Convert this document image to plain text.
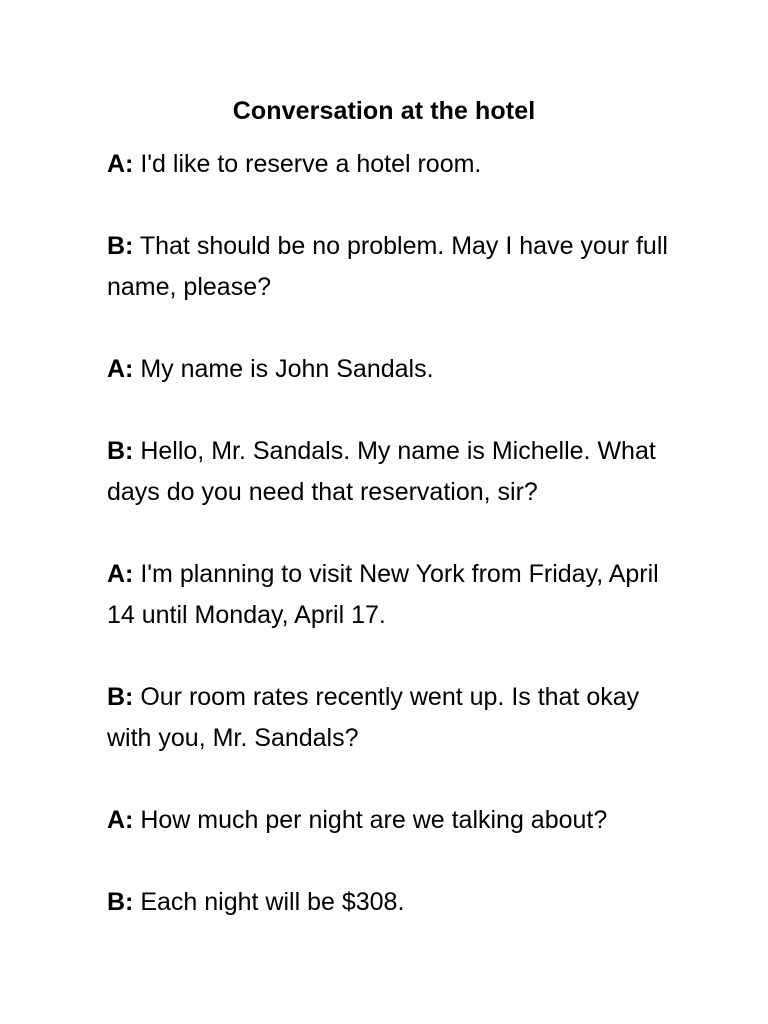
Conversation at the hotel

A: I'd like to reserve a hotel room.

B: That should be no problem. May I have your full name, please?

A: My name is John Sandals.

B: Hello, Mr. Sandals. My name is Michelle. What days do you need that reservation, sir?

A: I'm planning to visit New York from Friday, April 14 until Monday, April 17.

B: Our room rates recently went up. Is that okay with you, Mr. Sandals?

A: How much per night are we talking about?

B: Each night will be $308.
